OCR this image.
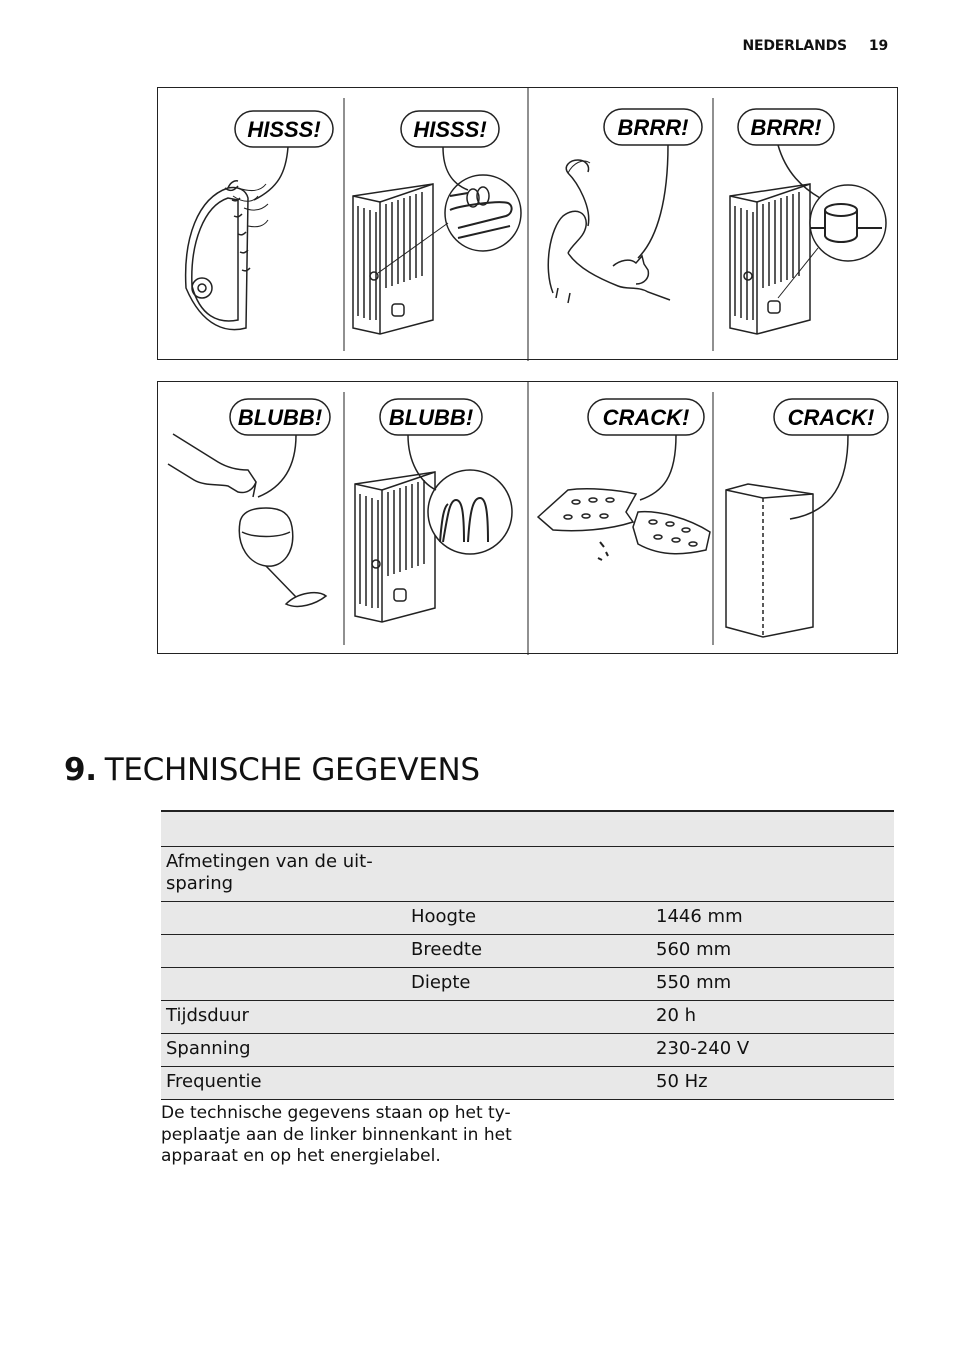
NEDERLANDS 19
HISSS!	HISSS!	BRRR!	BRRR!
BLUBB!	BLUBB!	CRACK!	CRACK!
9. TECHNISCHE GEGEVENS

Afmetingen van de uit-
sparing		
	Hoogte	1446 mm
	Breedte	560 mm
	Diepte	550 mm
Tijdsduur		20 h
Spanning		230-240 V
Frequentie		50 Hz
De technische gegevens staan op het ty-
peplaatje aan de linker binnenkant in het
apparaat en op het energielabel.
